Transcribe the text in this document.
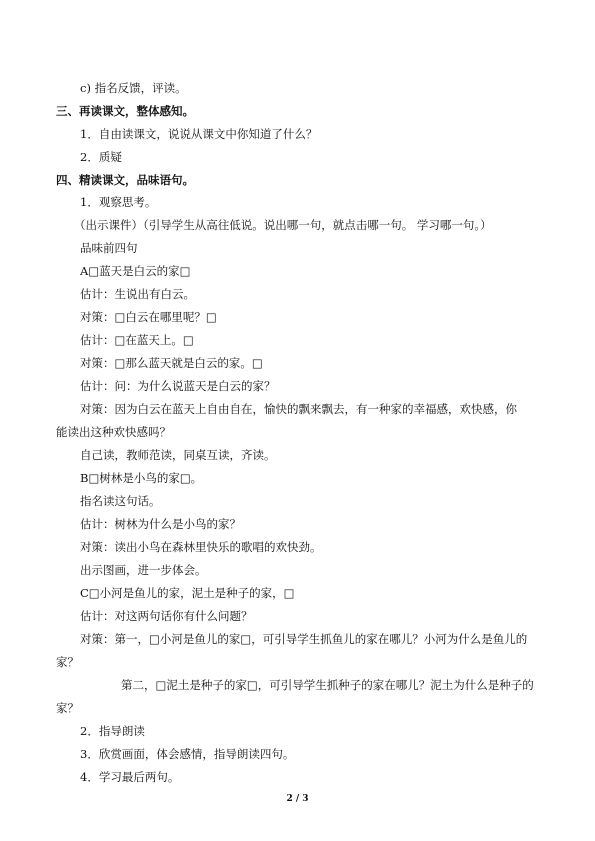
c) 指名反馈，评读。
三、再读课文，整体感知。
1．自由读课文，说说从课文中你知道了什么？
2．质疑
四、精读课文，品味语句。
1．观察思考。
（出示课件）（引导学生从高往低说。说出哪一句，就点击哪一句。 学习哪一句。）
品味前四句
A□蓝天是白云的家□
估计：生说出有白云。
对策：□白云在哪里呢？□
估计：□在蓝天上。□
对策：□那么蓝天就是白云的家。□
估计：问：为什么说蓝天是白云的家？
对策：因为白云在蓝天上自由自在，愉快的飘来飘去，有一种家的幸福感，欢快感，你
能读出这种欢快感吗？
自己读，教师范读，同桌互读，齐读。
B□树林是小鸟的家□。
指名读这句话。
估计：树林为什么是小鸟的家？
对策：读出小鸟在森林里快乐的歌唱的欢快劲。
出示图画，进一步体会。
C□小河是鱼儿的家，泥土是种子的家，□
估计：对这两句话你有什么问题？
对策：第一，□小河是鱼儿的家□，可引导学生抓鱼儿的家在哪儿？小河为什么是鱼儿的
家？
第二，□泥土是种子的家□，可引导学生抓种子的家在哪儿？泥土为什么是种子的
家？
2．指导朗读
3．欣赏画面，体会感情，指导朗读四句。
4．学习最后两句。
2 / 3
